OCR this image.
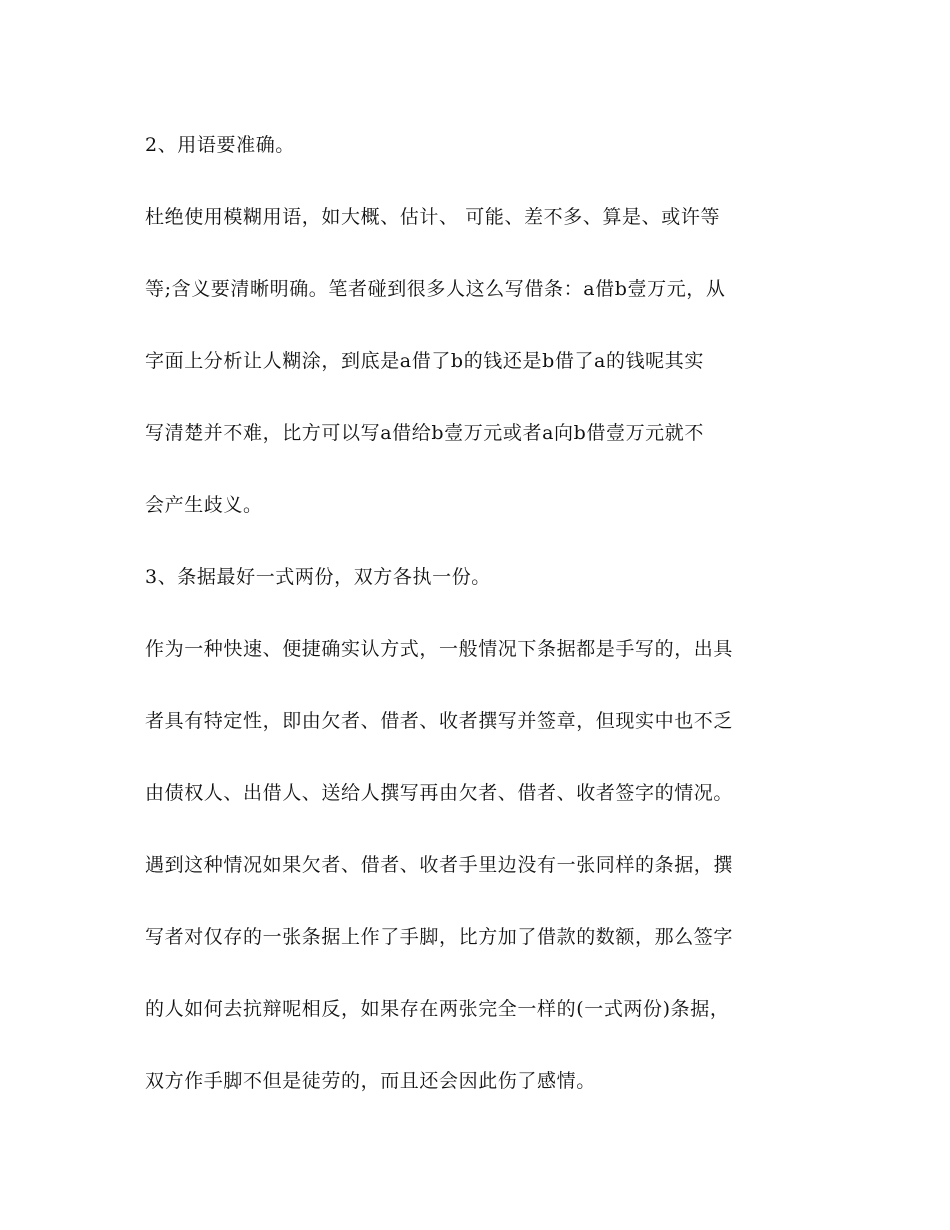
2、用语要准确。
杜绝使用模糊用语，如大概、估计、 可能、差不多、算是、或许等
等;含义要清晰明确。笔者碰到很多人这么写借条：a借b壹万元，从
字面上分析让人糊涂，到底是a借了b的钱还是b借了a的钱呢其实
写清楚并不难，比方可以写a借给b壹万元或者a向b借壹万元就不
会产生歧义。
3、条据最好一式两份，双方各执一份。
作为一种快速、便捷确实认方式，一般情况下条据都是手写的，出具
者具有特定性，即由欠者、借者、收者撰写并签章，但现实中也不乏
由债权人、出借人、送给人撰写再由欠者、借者、收者签字的情况。
遇到这种情况如果欠者、借者、收者手里边没有一张同样的条据，撰
写者对仅存的一张条据上作了手脚，比方加了借款的数额，那么签字
的人如何去抗辩呢相反，如果存在两张完全一样的(一式两份)条据，
双方作手脚不但是徒劳的，而且还会因此伤了感情。
